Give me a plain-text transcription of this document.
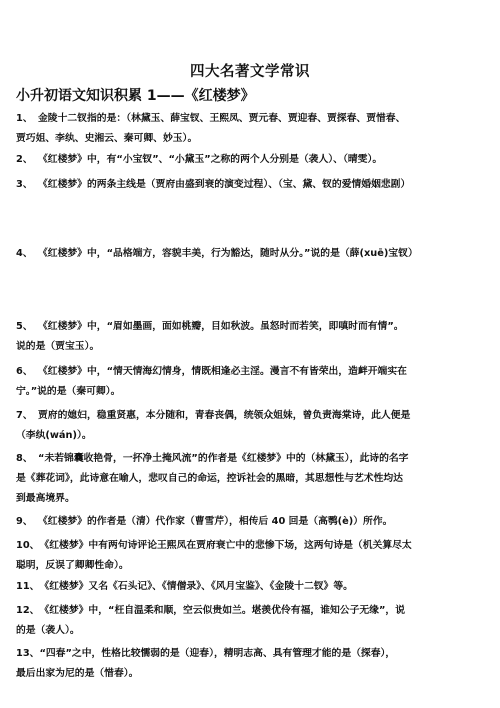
四大名著文学常识
小升初语文知识积累 1——《红楼梦》
1、 金陵十二钗指的是：（林黛玉、薛宝钗、王熙凤、贾元春、贾迎春、贾探春、贾惜春、
贾巧姐、李纨、史湘云、秦可卿、妙玉）。
2、 《红楼梦》中，有“小宝钗”、“小黛玉”之称的两个人分别是（袭人）、（晴雯）。
3、 《红楼梦》的两条主线是（贾府由盛到衰的演变过程）、（宝、黛、钗的爱情婚姻悲剧）
4、 《红楼梦》中，“品格端方，容貌丰美，行为豁达，随时从分。”说的是（薛(xuē)宝钗）
5、 《红楼梦》中，“眉如墨画，面如桃瓣，目如秋波。虽怒时而若笑，即嗔时而有情”。
说的是（贾宝玉）。
6、 《红楼梦》中，“情天情海幻情身，情既相逢必主淫。漫言不有皆荣出，造衅开端实在
宁。”说的是（秦可卿）。
7、 贾府的媳妇，稳重贤惠，本分随和，青春丧偶，统领众姐妹，曾负责海棠诗，此人便是
（李纨(wán)）。
8、 “未若锦囊收艳骨，一抔净土掩风流”的作者是《红楼梦》中的（林黛玉），此诗的名字
是《葬花词》，此诗意在喻人，悲叹自己的命运，控诉社会的黑暗，其思想性与艺术性均达
到最高境界。
9、 《红楼梦》的作者是（清）代作家（曹雪芹），相传后 40 回是（高鹗(è)）所作。
10、《红楼梦》中有两句诗评论王熙凤在贾府衰亡中的悲惨下场，这两句诗是（机关算尽太
聪明，反误了卿卿性命）。
11、《红楼梦》又名《石头记》、《情僧录》、《风月宝鉴》、《金陵十二钗》等。
12、《红楼梦》中，“枉自温柔和顺，空云似贵如兰。堪羡优伶有福，谁知公子无缘”，说
的是（袭人）。
13、“四春”之中，性格比较懦弱的是（迎春），精明志高、具有管理才能的是（探春），
最后出家为尼的是（惜春）。
